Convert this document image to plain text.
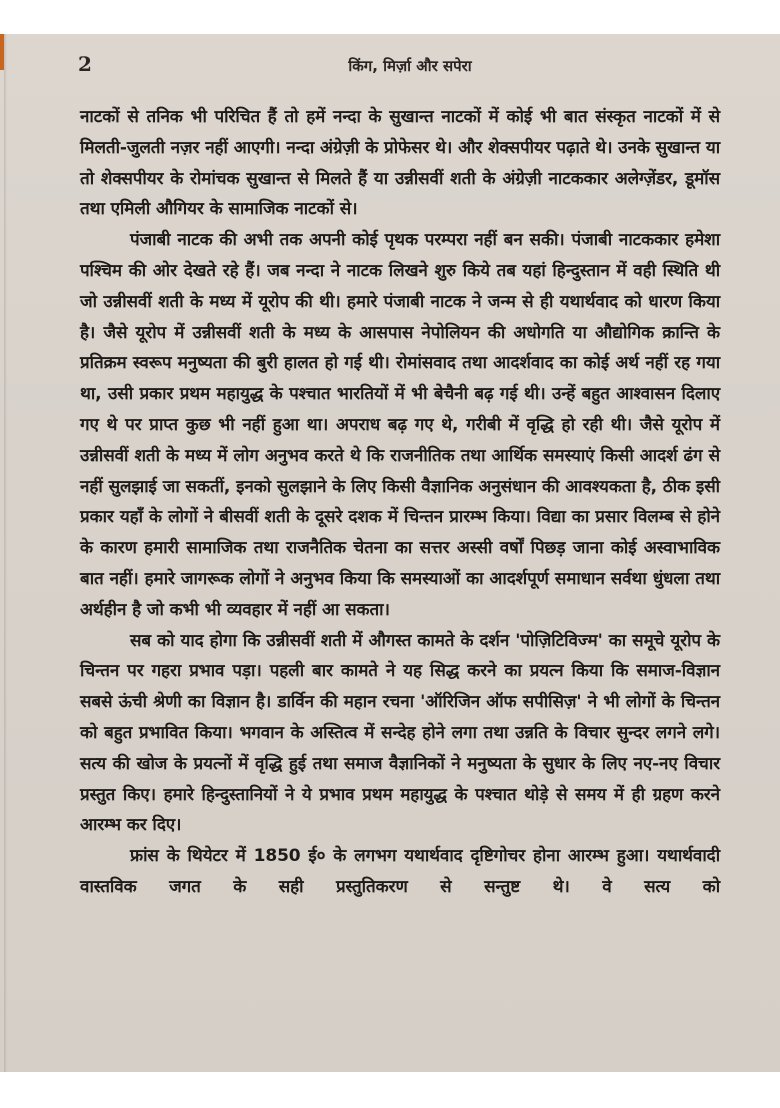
2	किंग, मिर्ज़ा और सपेरा

नाटकों से तनिक भी परिचित हैं तो हमें नन्दा के सुखान्त नाटकों में कोई भी बात संस्कृत नाटकों में से मिलती-जुलती नज़र नहीं आएगी। नन्दा अंग्रेज़ी के प्रोफेसर थे। और शेक्सपीयर पढ़ाते थे। उनके सुखान्त या तो शेक्सपीयर के रोमांचक सुखान्त से मिलते हैं या उन्नीसवीं शती के अंग्रेज़ी नाटककार अलेग्ज़ेंडर, डूमॉस तथा एमिली औगियर के सामाजिक नाटकों से।

पंजाबी नाटक की अभी तक अपनी कोई पृथक परम्परा नहीं बन सकी। पंजाबी नाटककार हमेशा पश्चिम की ओर देखते रहे हैं। जब नन्दा ने नाटक लिखने शुरु किये तब यहां हिन्दुस्तान में वही स्थिति थी जो उन्नीसवीं शती के मध्य में यूरोप की थी। हमारे पंजाबी नाटक ने जन्म से ही यथार्थवाद को धारण किया है। जैसे यूरोप में उन्नीसवीं शती के मध्य के आसपास नेपोलियन की अधोगति या औद्योगिक क्रान्ति के प्रतिक्रम स्वरूप मनुष्यता की बुरी हालत हो गई थी। रोमांसवाद तथा आदर्शवाद का कोई अर्थ नहीं रह गया था, उसी प्रकार प्रथम महायुद्ध के पश्चात भारतियों में भी बेचैनी बढ़ गई थी। उन्हें बहुत आश्वासन दिलाए गए थे पर प्राप्त कुछ भी नहीं हुआ था। अपराध बढ़ गए थे, गरीबी में वृद्धि हो रही थी। जैसे यूरोप में उन्नीसवीं शती के मध्य में लोग अनुभव करते थे कि राजनीतिक तथा आर्थिक समस्याएं किसी आदर्श ढंग से नहीं सुलझाई जा सकतीं, इनको सुलझाने के लिए किसी वैज्ञानिक अनुसंधान की आवश्यकता है, ठीक इसी प्रकार यहाँ के लोगों ने बीसवीं शती के दूसरे दशक में चिन्तन प्रारम्भ किया। विद्या का प्रसार विलम्ब से होने के कारण हमारी सामाजिक तथा राजनैतिक चेतना का सत्तर अस्सी वर्षों पिछड़ जाना कोई अस्वाभाविक बात नहीं। हमारे जागरूक लोगों ने अनुभव किया कि समस्याओं का आदर्शपूर्ण समाधान सर्वथा धुंधला तथा अर्थहीन है जो कभी भी व्यवहार में नहीं आ सकता।

सब को याद होगा कि उन्नीसवीं शती में औगस्त कामते के दर्शन 'पोज़िटिविज्म' का समूचे यूरोप के चिन्तन पर गहरा प्रभाव पड़ा। पहली बार कामते ने यह सिद्ध करने का प्रयत्न किया कि समाज-विज्ञान सबसे ऊंची श्रेणी का विज्ञान है। डार्विन की महान रचना 'ऑरिजिन ऑफ सपीसिज़' ने भी लोगों के चिन्तन को बहुत प्रभावित किया। भगवान के अस्तित्व में सन्देह होने लगा तथा उन्नति के विचार सुन्दर लगने लगे। सत्य की खोज के प्रयत्नों में वृद्धि हुई तथा समाज वैज्ञानिकों ने मनुष्यता के सुधार के लिए नए-नए विचार प्रस्तुत किए। हमारे हिन्दुस्तानियों ने ये प्रभाव प्रथम महायुद्ध के पश्चात थोड़े से समय में ही ग्रहण करने आरम्भ कर दिए।

फ्रांस के थियेटर में 1850 ई० के लगभग यथार्थवाद दृष्टिगोचर होना आरम्भ हुआ। यथार्थवादी वास्तविक जगत के सही प्रस्तुतिकरण से सन्तुष्ट थे। वे सत्य को
